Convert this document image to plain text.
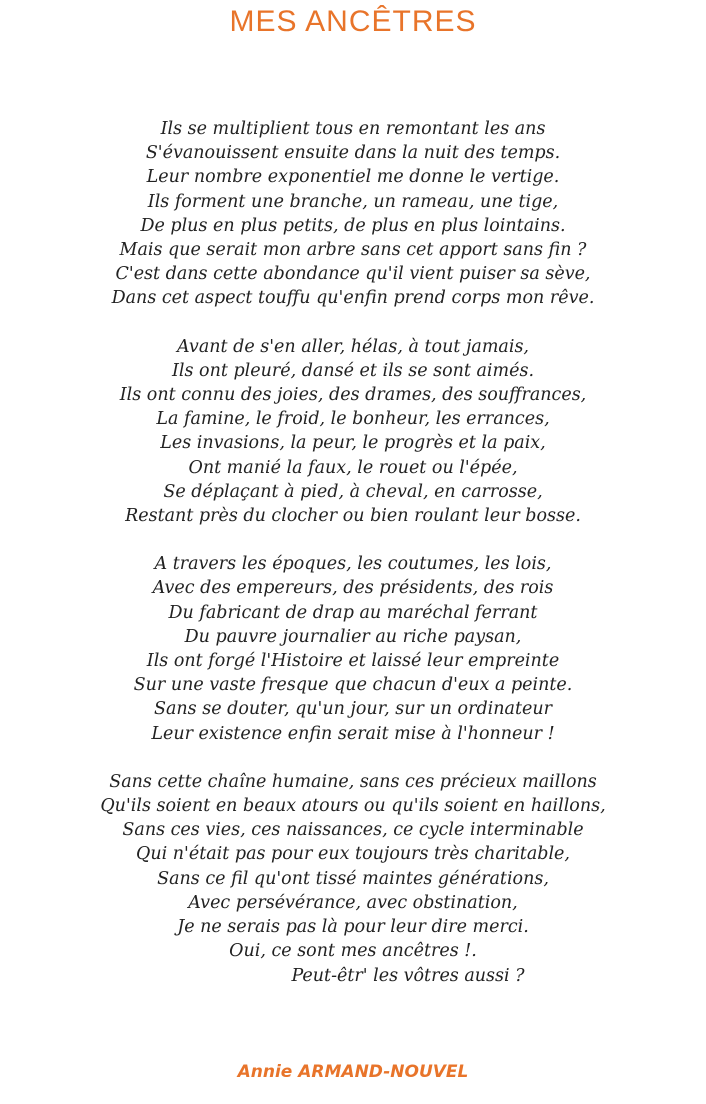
MES ANCÊTRES
Ils se multiplient tous en remontant les ans
S'évanouissent ensuite dans la nuit des temps.
Leur nombre exponentiel me donne le vertige.
Ils forment une branche, un rameau, une tige,
De plus en plus petits, de plus en plus lointains.
Mais que serait mon arbre sans cet apport sans fin ?
C'est dans cette abondance qu'il vient puiser sa sève,
Dans cet aspect touffu qu'enfin prend corps mon rêve.
Avant de s'en aller, hélas, à tout jamais,
Ils ont pleuré, dansé et ils se sont aimés.
Ils ont connu des joies, des drames, des souffrances,
La famine, le froid, le bonheur, les errances,
Les invasions, la peur, le progrès et la paix,
Ont manié la faux, le rouet ou l'épée,
Se déplaçant à pied, à cheval, en carrosse,
Restant près du clocher ou bien roulant leur bosse.
A travers les époques, les coutumes, les lois,
Avec des empereurs, des présidents, des rois
Du fabricant de drap au maréchal ferrant
Du pauvre journalier au riche paysan,
Ils ont forgé l'Histoire et laissé leur empreinte
Sur une vaste fresque que chacun d'eux a peinte.
Sans se douter, qu'un jour, sur un ordinateur
Leur existence enfin serait mise à l'honneur !
Sans cette chaîne humaine, sans ces précieux maillons
Qu'ils soient en beaux atours ou qu'ils soient en haillons,
Sans ces vies, ces naissances, ce cycle interminable
Qui n'était pas pour eux toujours très charitable,
Sans ce fil qu'ont tissé maintes générations,
Avec persévérance, avec obstination,
Je ne serais pas là pour leur dire merci.
Oui, ce sont mes ancêtres !.
Peut-êtr' les vôtres aussi ?
Annie ARMAND-NOUVEL
